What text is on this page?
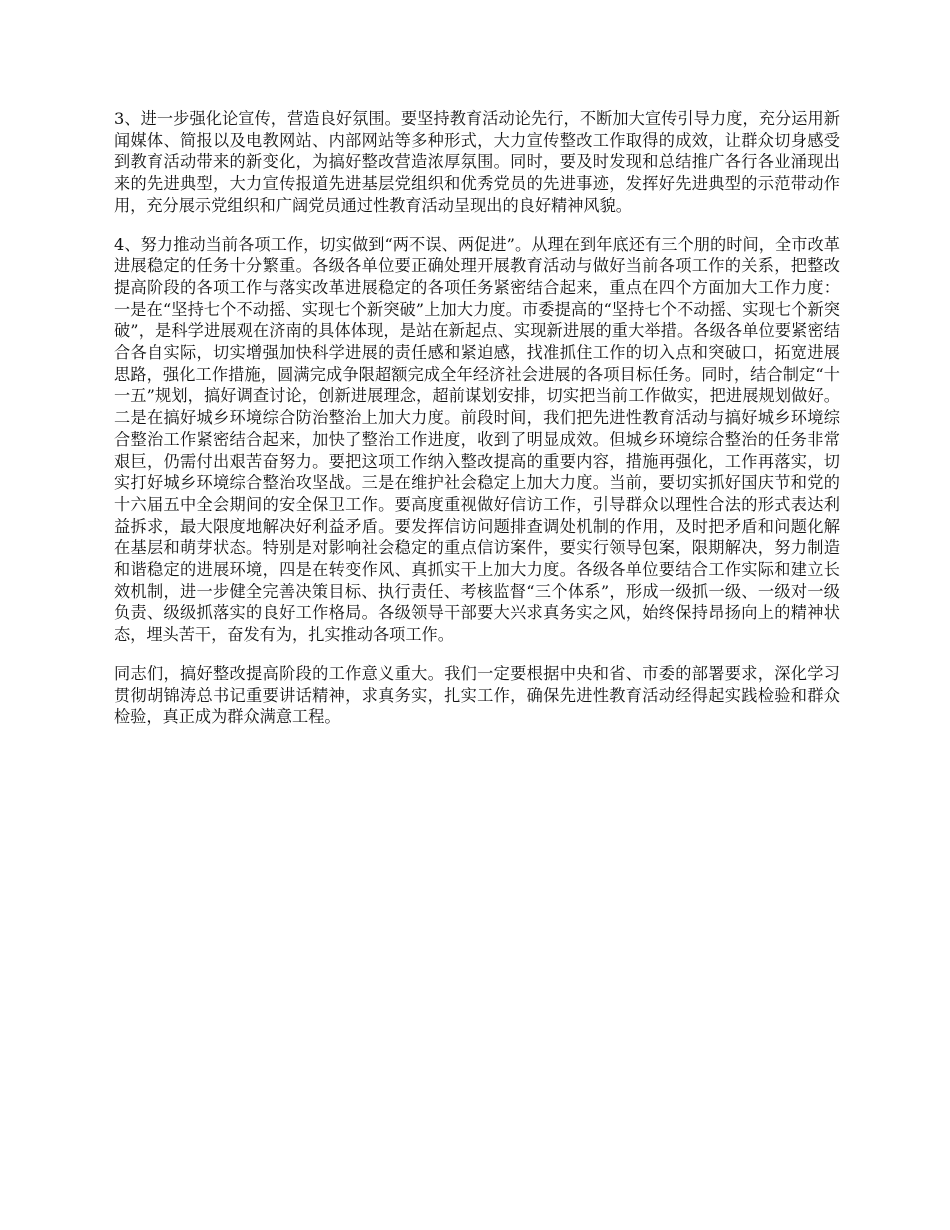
3、进一步强化论宣传，营造良好氛围。要坚持教育活动论先行，不断加大宣传引导力度，充分运用新闻媒体、简报以及电教网站、内部网站等多种形式，大力宣传整改工作取得的成效，让群众切身感受到教育活动带来的新变化，为搞好整改营造浓厚氛围。同时，要及时发现和总结推广各行各业涌现出来的先进典型，大力宣传报道先进基层党组织和优秀党员的先进事迹，发挥好先进典型的示范带动作用，充分展示党组织和广阔党员通过性教育活动呈现出的良好精神风貌。

4、努力推动当前各项工作，切实做到“两不误、两促进”。从理在到年底还有三个朋的时间，全市改革进展稳定的任务十分繁重。各级各单位要正确处理开展教育活动与做好当前各项工作的关系，把整改提高阶段的各项工作与落实改革进展稳定的各项任务紧密结合起来，重点在四个方面加大工作力度：一是在“坚持七个不动摇、实现七个新突破”上加大力度。市委提高的“坚持七个不动摇、实现七个新突破”，是科学进展观在济南的具体体现，是站在新起点、实现新进展的重大举措。各级各单位要紧密结合各自实际，切实增强加快科学进展的责任感和紧迫感，找准抓住工作的切入点和突破口，拓宽进展思路，强化工作措施，圆满完成争限超额完成全年经济社会进展的各项目标任务。同时，结合制定“十一五”规划，搞好调查讨论，创新进展理念，超前谋划安排，切实把当前工作做实，把进展规划做好。二是在搞好城乡环境综合防治整治上加大力度。前段时间，我们把先进性教育活动与搞好城乡环境综合整治工作紧密结合起来，加快了整治工作进度，收到了明显成效。但城乡环境综合整治的任务非常艰巨，仍需付出艰苦奋努力。要把这项工作纳入整改提高的重要内容，措施再强化，工作再落实，切实打好城乡环境综合整治攻坚战。三是在维护社会稳定上加大力度。当前，要切实抓好国庆节和党的十六届五中全会期间的安全保卫工作。要高度重视做好信访工作，引导群众以理性合法的形式表达利益拆求，最大限度地解决好利益矛盾。要发挥信访问题排查调处机制的作用，及时把矛盾和问题化解在基层和萌芽状态。特别是对影响社会稳定的重点信访案件，要实行领导包案，限期解决，努力制造和谐稳定的进展环境，四是在转变作风、真抓实干上加大力度。各级各单位要结合工作实际和建立长效机制，进一步健全完善决策目标、执行责任、考核监督“三个体系”，形成一级抓一级、一级对一级负责、级级抓落实的良好工作格局。各级领导干部要大兴求真务实之风，始终保持昂扬向上的精神状态，埋头苦干，奋发有为，扎实推动各项工作。

同志们，搞好整改提高阶段的工作意义重大。我们一定要根据中央和省、市委的部署要求，深化学习贯彻胡锦涛总书记重要讲话精神，求真务实，扎实工作，确保先进性教育活动经得起实践检验和群众检验，真正成为群众满意工程。
